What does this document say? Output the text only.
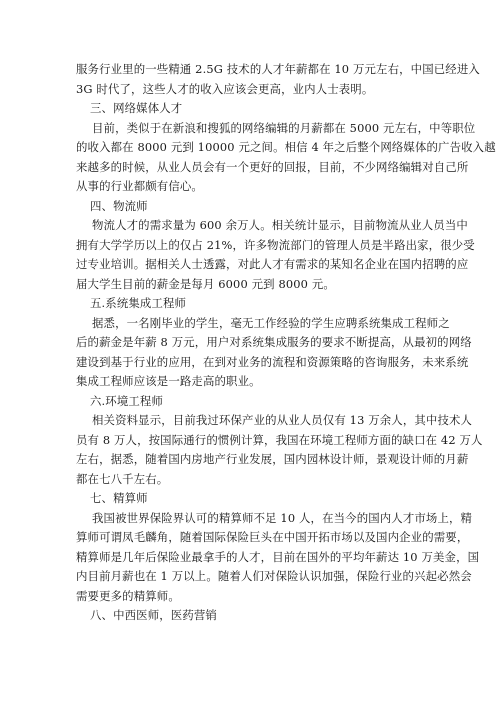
服务行业里的一些精通 2.5G 技术的人才年薪都在 10 万元左右，中国已经进入
3G 时代了，这些人才的收入应该会更高，业内人士表明。
三、网络媒体人才
目前，类似于在新浪和搜狐的网络编辑的月薪都在 5000 元左右，中等职位
的收入都在 8000 元到 10000 元之间。相信 4 年之后整个网络媒体的广告收入越
来越多的时候，从业人员会有一个更好的回报，目前，不少网络编辑对自己所
从事的行业都颇有信心。
四、物流师
物流人才的需求量为 600 余万人。相关统计显示，目前物流从业人员当中
拥有大学学历以上的仅占 21%，许多物流部门的管理人员是半路出家，很少受
过专业培训。据相关人士透露，对此人才有需求的某知名企业在国内招聘的应
届大学生目前的薪金是每月 6000 元到 8000 元。
五.系统集成工程师
据悉，一名刚毕业的学生，毫无工作经验的学生应聘系统集成工程师之
后的薪金是年薪 8 万元，用户对系统集成服务的要求不断提高，从最初的网络
建设到基于行业的应用，在到对业务的流程和资源策略的咨询服务，未来系统
集成工程师应该是一路走高的职业。
六.环境工程师
相关资料显示，目前我过环保产业的从业人员仅有 13 万余人，其中技术人
员有 8 万人，按国际通行的惯例计算，我国在环境工程师方面的缺口在 42 万人
左右，据悉，随着国内房地产行业发展，国内园林设计师，景观设计师的月薪
都在七八千左右。
七、精算师
我国被世界保险界认可的精算师不足 10 人，在当今的国内人才市场上，精
算师可谓凤毛麟角，随着国际保险巨头在中国开拓市场以及国内企业的需要，
精算师是几年后保险业最拿手的人才，目前在国外的平均年薪达 10 万美金，国
内目前月薪也在 1 万以上。随着人们对保险认识加强，保险行业的兴起必然会
需要更多的精算师。
八、中西医师，医药营销
